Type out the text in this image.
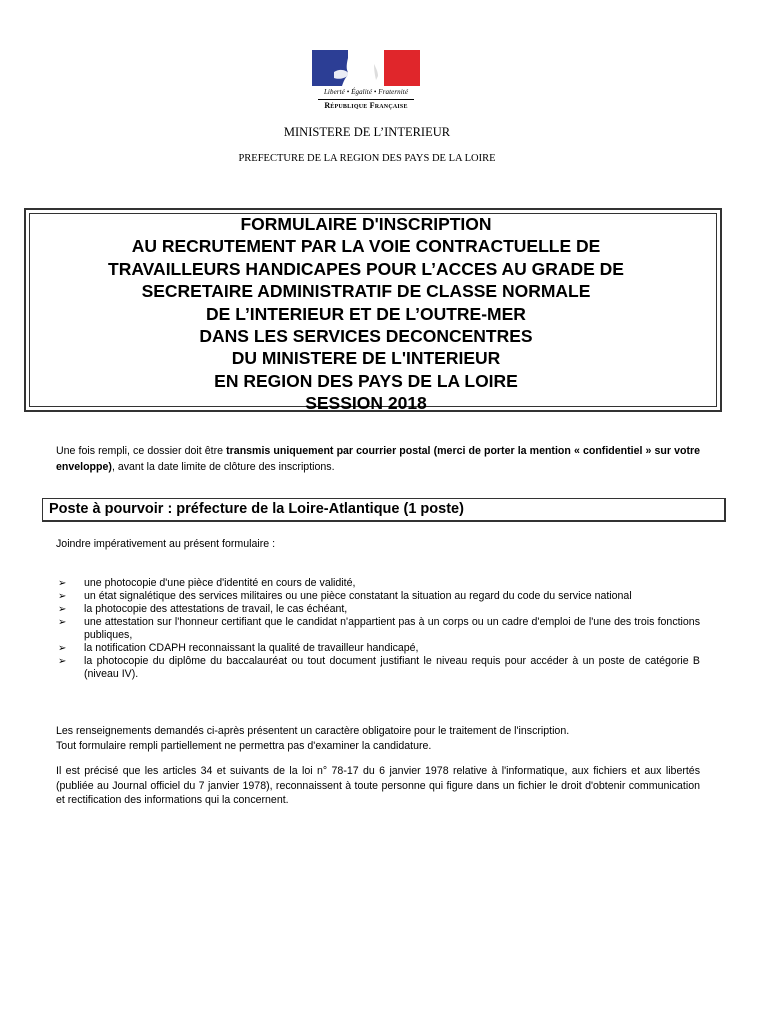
Liberté • Égalité • Fraternité
République Française
MINISTERE DE L’INTERIEUR
PREFECTURE DE LA REGION DES PAYS DE LA LOIRE
FORMULAIRE D'INSCRIPTION
AU RECRUTEMENT PAR LA VOIE CONTRACTUELLE DE
TRAVAILLEURS HANDICAPES POUR L’ACCES AU GRADE DE
SECRETAIRE ADMINISTRATIF DE CLASSE NORMALE
DE L’INTERIEUR ET DE L’OUTRE-MER
DANS LES SERVICES DECONCENTRES
DU MINISTERE DE L'INTERIEUR
EN REGION DES PAYS DE LA LOIRE
SESSION 2018
Une fois rempli, ce dossier doit être transmis uniquement par courrier postal (merci de porter la mention « confidentiel » sur votre enveloppe), avant la date limite de clôture des inscriptions.
Poste à pourvoir : préfecture de la Loire-Atlantique (1 poste)
Joindre impérativement au présent formulaire :
➢ une photocopie d'une pièce d'identité en cours de validité,
➢ un état signalétique des services militaires ou une pièce constatant la situation au regard du code du service national
➢ la photocopie des attestations de travail, le cas échéant,
➢ une attestation sur l'honneur certifiant que le candidat n'appartient pas à un corps ou un cadre d'emploi de l'une des trois fonctions publiques,
➢ la notification CDAPH reconnaissant la qualité de travailleur handicapé,
➢ la photocopie du diplôme du baccalauréat ou tout document justifiant le niveau requis pour accéder à un poste de catégorie B (niveau IV).
Les renseignements demandés ci-après présentent un caractère obligatoire pour le traitement de l'inscription.
Tout formulaire rempli partiellement ne permettra pas d'examiner la candidature.
Il est précisé que les articles 34 et suivants de la loi n° 78-17 du 6 janvier 1978 relative à l'informatique, aux fichiers et aux libertés (publiée au Journal officiel du 7 janvier 1978), reconnaissent à toute personne qui figure dans un fichier le droit d'obtenir communication et rectification des informations qui la concernent.
